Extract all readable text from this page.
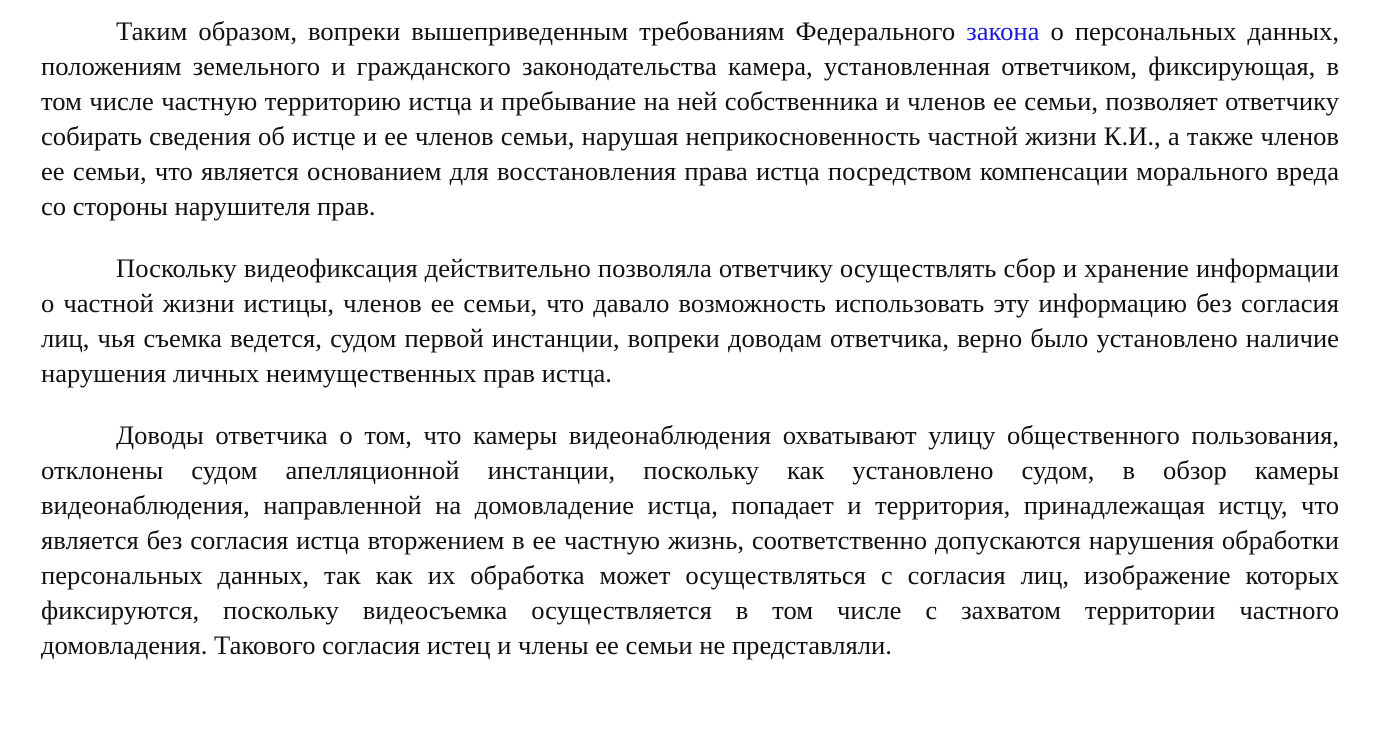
Таким образом, вопреки вышеприведенным требованиям Федерального закона о персональных данных, положениям земельного и гражданского законодательства камера, установленная ответчиком, фиксирующая, в том числе частную территорию истца и пребывание на ней собственника и членов ее семьи, позволяет ответчику собирать сведения об истце и ее членов семьи, нарушая неприкосновенность частной жизни К.И., а также членов ее семьи, что является основанием для восстановления права истца посредством компенсации морального вреда со стороны нарушителя прав.

Поскольку видеофиксация действительно позволяла ответчику осуществлять сбор и хранение информации о частной жизни истицы, членов ее семьи, что давало возможность использовать эту информацию без согласия лиц, чья съемка ведется, судом первой инстанции, вопреки доводам ответчика, верно было установлено наличие нарушения личных неимущественных прав истца.

Доводы ответчика о том, что камеры видеонаблюдения охватывают улицу общественного пользования, отклонены судом апелляционной инстанции, поскольку как установлено судом, в обзор камеры видеонаблюдения, направленной на домовладение истца, попадает и территория, принадлежащая истцу, что является без согласия истца вторжением в ее частную жизнь, соответственно допускаются нарушения обработки персональных данных, так как их обработка может осуществляться с согласия лиц, изображение которых фиксируются, поскольку видеосъемка осуществляется в том числе с захватом территории частного домовладения. Такового согласия истец и члены ее семьи не представляли.
